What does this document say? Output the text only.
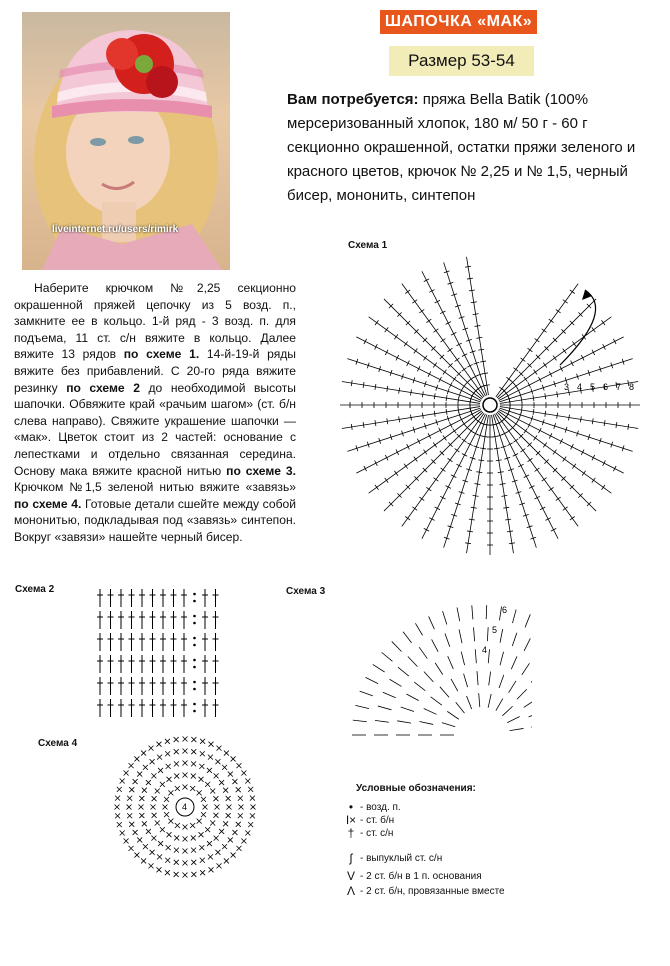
liveinternet.ru/users/rimirk
ШАПОЧКА «МАК»
Размер 53-54
Вам потребуется: пряжа Bella Batik (100% мерсеризованный хлопок, 180 м/ 50 г - 60 г секционно окрашенной, остатки пряжи зеленого и красного цветов, крючок № 2,25 и № 1,5, черный бисер, мононить, синтепон
Наберите крючком №2,25 секционно окрашенной пряжей цепочку из 5 возд. п., замкните ее в кольцо. 1-й ряд - 3 возд. п. для подъема, 11 ст. с/н вяжите в кольцо. Далее вяжите 13 рядов по схеме 1. 14-й-19-й ряды вяжите без прибавлений. С 20-го ряда вяжите резинку по схеме 2 до необходимой высоты шапочки. Обвяжите край «рачьим шагом» (ст. б/н слева направо). Свяжите украшение шапочки — «мак». Цветок стоит из 2 частей: основание с лепестками и отдельно связанная середина. Основу мака вяжите красной нитью по схеме 3. Крючком №1,5 зеленой нитью вяжите «завязь» по схеме 4. Готовые детали сшейте между собой мононитью, подкладывая под «завязь» синтепон. Вокруг «завязи» нашейте черный бисер.
Схема 1
3 4 5 6 7 8
Схема 2	Схема 3
4
5
6
Схема 4
4
Условные обозначения:
• - возд. п.
I× - ст. б/н
† - ст. с/н
ʃ - выпуклый ст. с/н
V - 2 ст. б/н в 1 п. основания
Λ - 2 ст. б/н, провязанные вместе
